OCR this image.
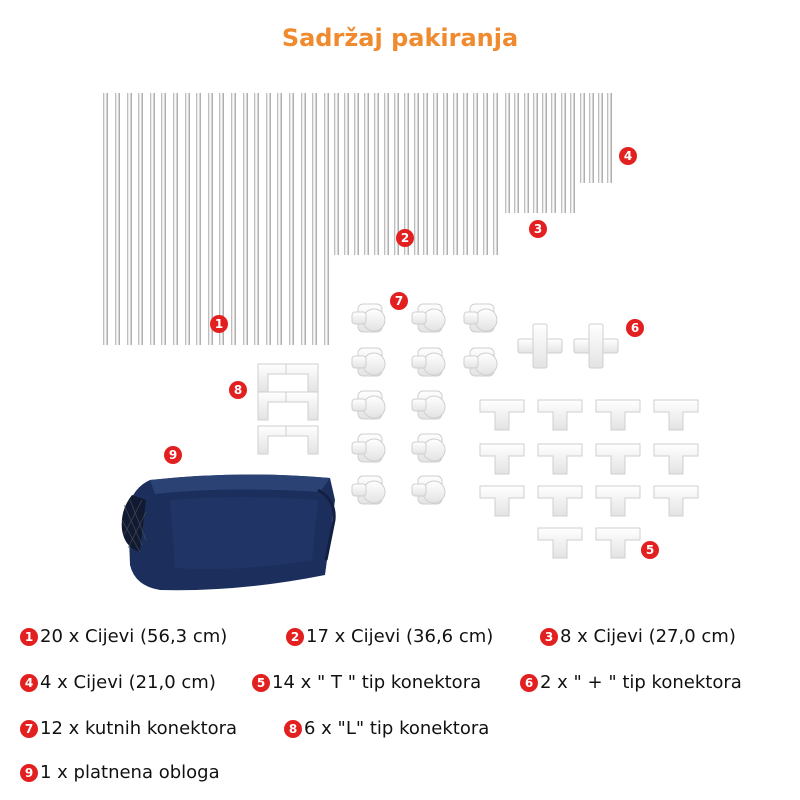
Sadržaj pakiranja
1
2
3
4
7
6
8
9
5
1 20 x Cijevi (56,3 cm)	2 17 x Cijevi (36,6 cm)	3 8 x Cijevi (27,0 cm)
4 4 x Cijevi (21,0 cm)	5 14 x " T " tip konektora	6 2 x " + " tip konektora
7 12 x kutnih konektora	8 6 x "L" tip konektora
9 1 x platnena obloga
